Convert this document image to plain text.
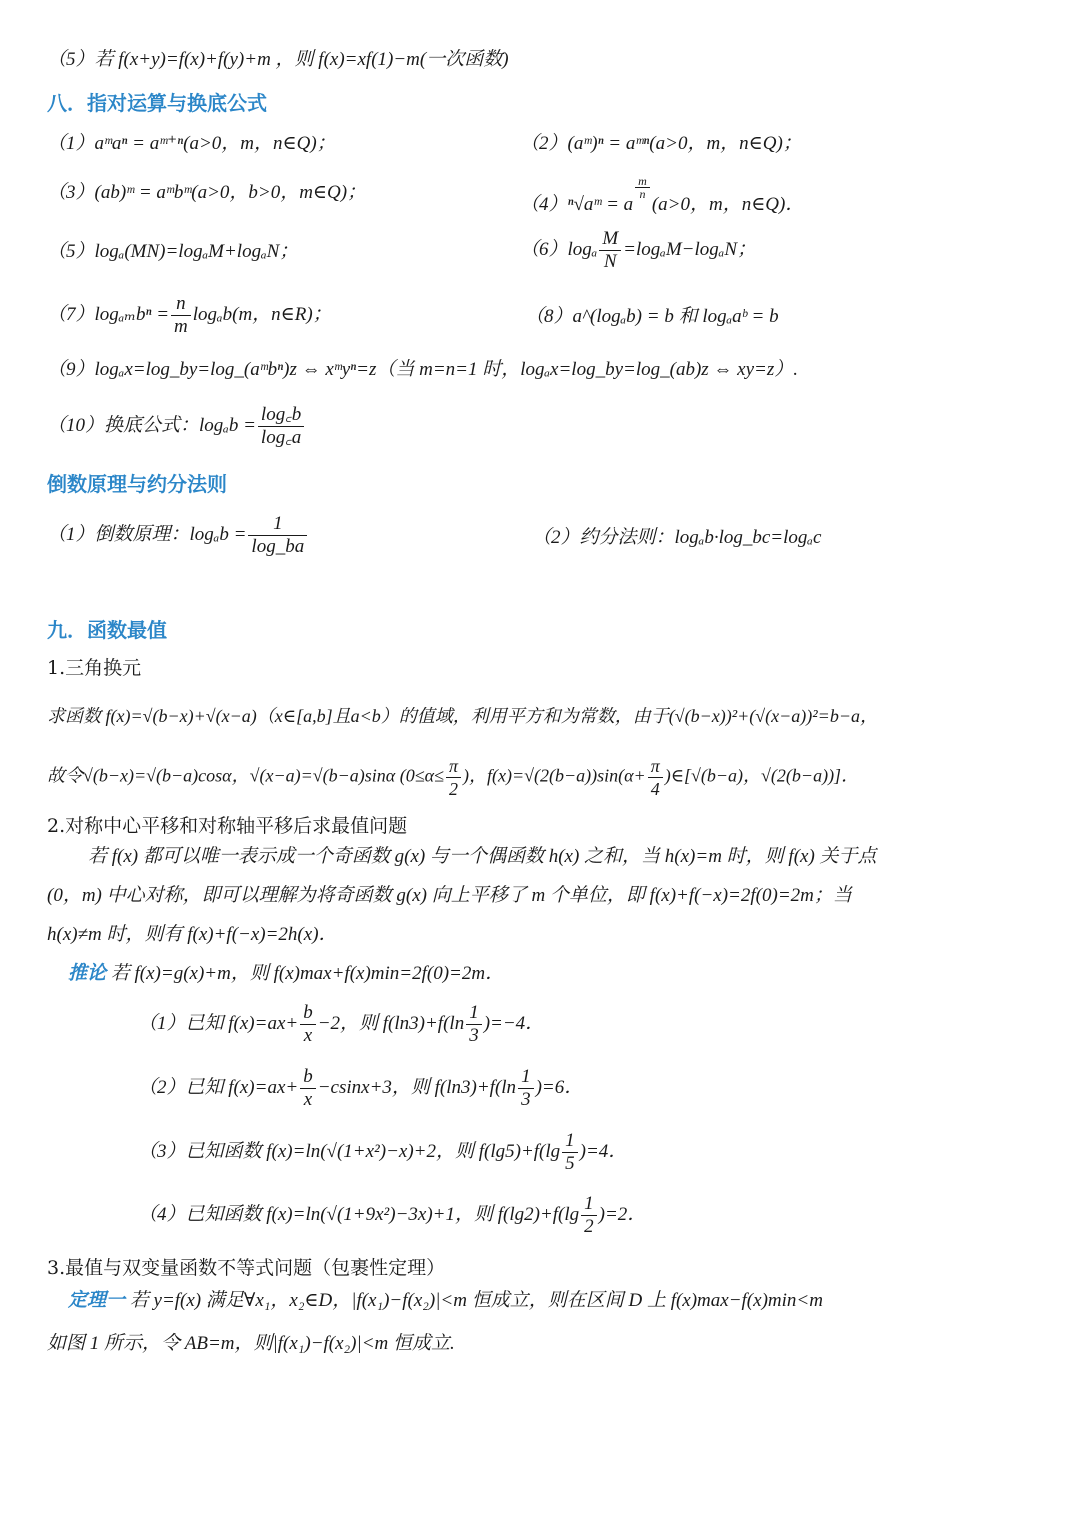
（5）若 f(x+y)=f(x)+f(y)+m ，则 f(x)=xf(1)−m(一次函数)
八．指对运算与换底公式
（1）aᵐaⁿ = aᵐ⁺ⁿ(a>0，m，n∈Q)；	（2）(aᵐ)ⁿ = aᵐⁿ(a>0，m，n∈Q)；
（3）(ab)ᵐ = aᵐbᵐ(a>0，b>0，m∈Q)；
（4）ⁿ√aᵐ = a
$\frac{m}{n}$
(a>0，m，n∈Q)．
（5）logₐ(MN)=logₐM+logₐN；	$(6)\log_a \frac{M}{N} =\log_aM-\log_aN$；
$(7)\log_{am}b^n = \frac{n}{m} \log_ab(m$，n∈R)；	（8）a^(logₐb) = b 和 logₐaᵇ = b
（9）logₐx=log_by=log_(aᵐbⁿ)z ⇔ xᵐyⁿ=z（当 m=n=1 时，logₐx=log_by=log_(ab)z ⇔ xy=z）.
（10）换底公式：$\log_ab = \frac{\log꜀b}{\log꜀a}$
倒数原理与约分法则
（1）倒数原理：$\log_ab = \frac{1}{\log\_ba}$	（2）约分法则：logₐb·log_bc=logₐc
九．函数最值
1.三角换元
求函数 f(x)=√(b−x)+√(x−a)（x∈[a,b]且a<b）的值域，利用平方和为常数，由于(√(b−x))²+(√(x−a))²=b−a，
故令√(b−x)=√(b−a)cosα，√(x−a)=√(b−a)sinα ($0\le\alpha\le \frac{\pi}{2}$ )，$f(x)=√(2(b-a))\sin(\alpha+ \frac{\pi}{4}$ )∈[√(b−a)，√(2(b−a))]．
2.对称中心平移和对称轴平移后求最值问题
若 f(x) 都可以唯一表示成一个奇函数 g(x) 与一个偶函数 h(x) 之和，当 h(x)=m 时，则 f(x) 关于点
(0，m) 中心对称，即可以理解为将奇函数 g(x) 向上平移了 m 个单位，即 f(x)+f(−x)=2f(0)=2m；当
h(x)≠m 时，则有 f(x)+f(−x)=2h(x)．
推论 若 f(x)=g(x)+m，则 f(x)max+f(x)min=2f(0)=2m．
（1）已知 $f(x)=ax+ \frac{b}{x} -2$，则 $f(\ln 3)+f(\ln \frac{1}{3} )=-4$．
（2）已知 $f(x)=ax+ \frac{b}{x} -csinx+3$，则 $f(\ln 3)+f(\ln \frac{1}{3} )=6$．
（3）已知函数 f(x)=ln(√(1+x²)−x)+2，则 $f(\lg 5)+f(\lg \frac{1}{5} )=4$．
（4）已知函数 f(x)=ln(√(1+9x²)−3x)+1，则 $f(\lg 2)+f(\lg \frac{1}{2} )=2$．
3.最值与双变量函数不等式问题（包裹性定理）
定理一 若 y=f(x) 满足∀x₁，x₂∈D，|f(x₁)−f(x₂)|<m 恒成立，则在区间 D 上 f(x)max−f(x)min<m
如图 1 所示，令 AB=m，则|f(x₁)−f(x₂)|<m 恒成立.
